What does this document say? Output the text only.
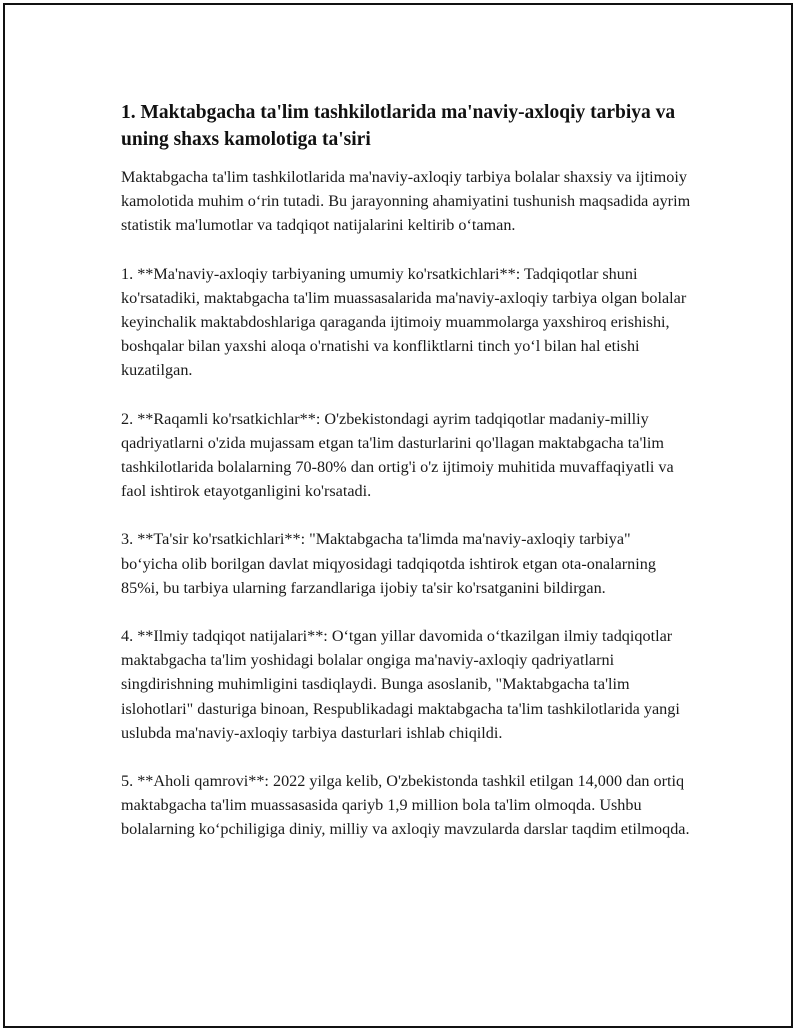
1. Maktabgacha ta'lim tashkilotlarida ma'naviy-axloqiy tarbiya va uning shaxs kamolotiga ta'siri

Maktabgacha ta'lim tashkilotlarida ma'naviy-axloqiy tarbiya bolalar shaxsiy va ijtimoiy kamolotida muhim o‘rin tutadi. Bu jarayonning ahamiyatini tushunish maqsadida ayrim statistik ma'lumotlar va tadqiqot natijalarini keltirib o‘taman.

1. **Ma'naviy-axloqiy tarbiyaning umumiy ko'rsatkichlari**: Tadqiqotlar shuni ko'rsatadiki, maktabgacha ta'lim muassasalarida ma'naviy-axloqiy tarbiya olgan bolalar keyinchalik maktabdoshlariga qaraganda ijtimoiy muammolarga yaxshiroq erishishi, boshqalar bilan yaxshi aloqa o'rnatishi va konfliktlarni tinch yo‘l bilan hal etishi kuzatilgan.

2. **Raqamli ko'rsatkichlar**: O'zbekistondagi ayrim tadqiqotlar madaniy-milliy qadriyatlarni o'zida mujassam etgan ta'lim dasturlarini qo'llagan maktabgacha ta'lim tashkilotlarida bolalarning 70-80% dan ortig'i o'z ijtimoiy muhitida muvaffaqiyatli va faol ishtirok etayotganligini ko'rsatadi.

3. **Ta'sir ko'rsatkichlari**: "Maktabgacha ta'limda ma'naviy-axloqiy tarbiya" bo‘yicha olib borilgan davlat miqyosidagi tadqiqotda ishtirok etgan ota-onalarning 85%i, bu tarbiya ularning farzandlariga ijobiy ta'sir ko'rsatganini bildirgan.

4. **Ilmiy tadqiqot natijalari**: O‘tgan yillar davomida o‘tkazilgan ilmiy tadqiqotlar maktabgacha ta'lim yoshidagi bolalar ongiga ma'naviy-axloqiy qadriyatlarni singdirishning muhimligini tasdiqlaydi. Bunga asoslanib, "Maktabgacha ta'lim islohotlari" dasturiga binoan, Respublikadagi maktabgacha ta'lim tashkilotlarida yangi uslubda ma'naviy-axloqiy tarbiya dasturlari ishlab chiqildi.

5. **Aholi qamrovi**: 2022 yilga kelib, O'zbekistonda tashkil etilgan 14,000 dan ortiq maktabgacha ta'lim muassasasida qariyb 1,9 million bola ta'lim olmoqda. Ushbu bolalarning ko‘pchiligiga diniy, milliy va axloqiy mavzularda darslar taqdim etilmoqda.
